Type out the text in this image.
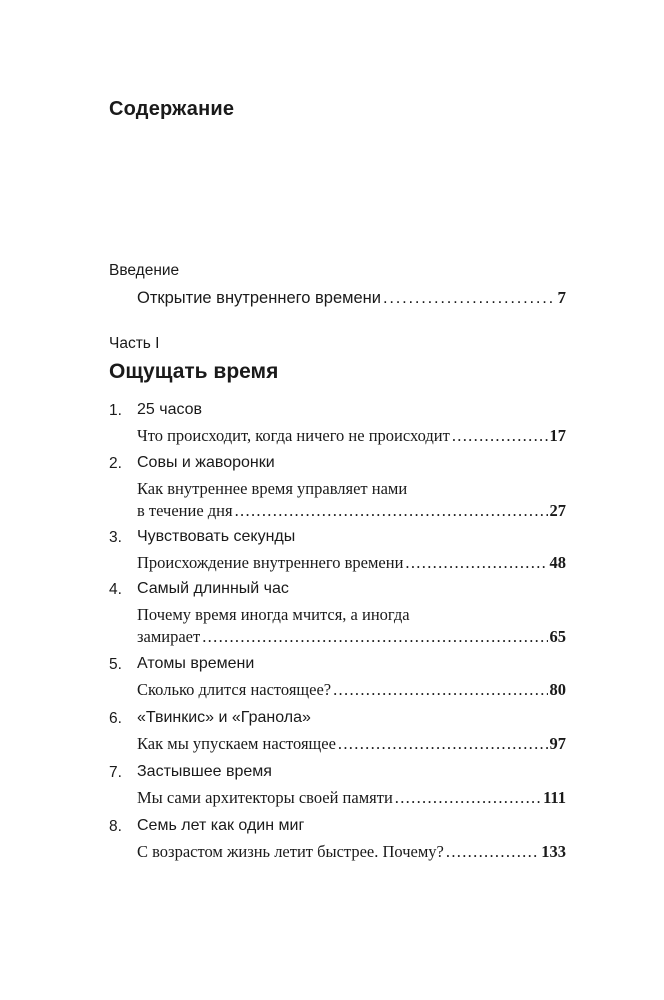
Содержание
Введение
Открытие внутреннего времени . . .	7
Часть I
Ощущать время
1. 25 часов
Что происходит, когда ничего не происходит . . .	17
2. Совы и жаворонки
Как внутреннее время управляет нами
в течение дня . . .	27
3. Чувствовать секунды
Происхождение внутреннего времени . . .	48
4. Самый длинный час
Почему время иногда мчится, а иногда
замирает . . .	65
5. Атомы времени
Сколько длится настоящее? . . .	80
6. «Твинкис» и «Гранола»
Как мы упускаем настоящее . . .	97
7. Застывшее время
Мы сами архитекторы своей памяти . . .	111
8. Семь лет как один миг
С возрастом жизнь летит быстрее. Почему? . . .	133
